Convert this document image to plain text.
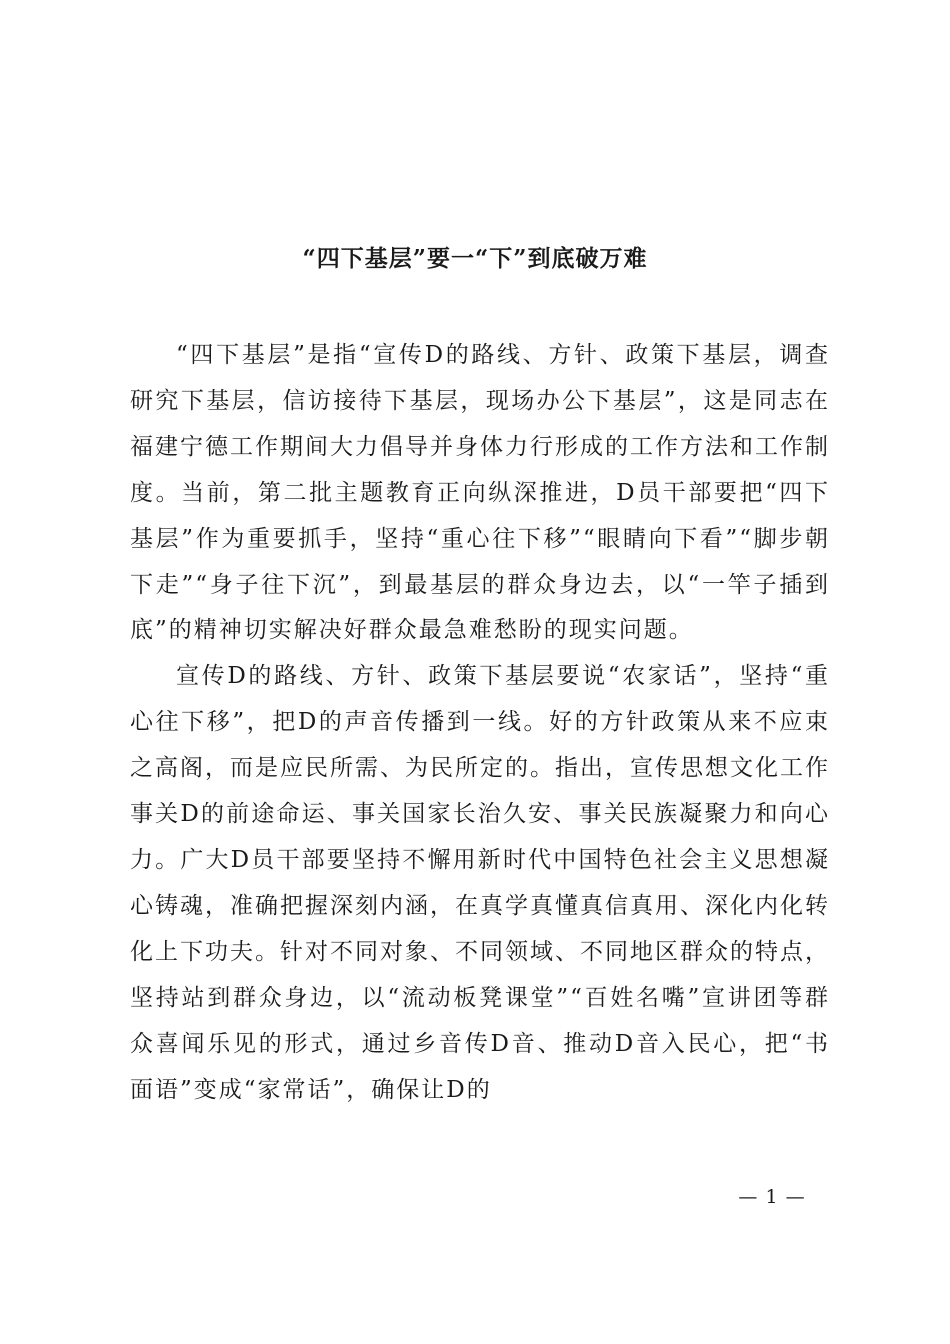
“四下基层”要一“下”到底破万难

“四下基层”是指“宣传D的路线、方针、政策下基层，调查研究下基层，信访接待下基层，现场办公下基层”，这是同志在福建宁德工作期间大力倡导并身体力行形成的工作方法和工作制度。当前，第二批主题教育正向纵深推进，D员干部要把“四下基层”作为重要抓手，坚持“重心往下移”“眼睛向下看”“脚步朝下走”“身子往下沉”，到最基层的群众身边去，以“一竿子插到底”的精神切实解决好群众最急难愁盼的现实问题。

宣传D的路线、方针、政策下基层要说“农家话”，坚持“重心往下移”，把D的声音传播到一线。好的方针政策从来不应束之高阁，而是应民所需、为民所定的。指出，宣传思想文化工作事关D的前途命运、事关国家长治久安、事关民族凝聚力和向心力。广大D员干部要坚持不懈用新时代中国特色社会主义思想凝心铸魂，准确把握深刻内涵，在真学真懂真信真用、深化内化转化上下功夫。针对不同对象、不同领域、不同地区群众的特点，坚持站到群众身边，以“流动板凳课堂”“百姓名嘴”宣讲团等群众喜闻乐见的形式，通过乡音传D音、推动D音入民心，把“书面语”变成“家常话”，确保让D的

— 1 —
